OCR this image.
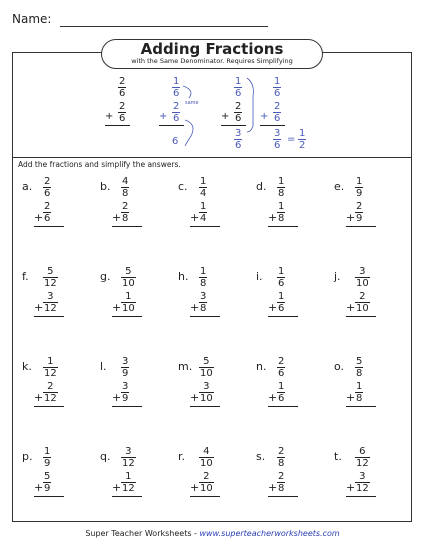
Name:
Adding Fractions
with the Same Denominator. Requires Simplifying
$\frac{2}{6}$
$\frac{2}{6}$
+
$\frac{1}{6}$
$\frac{2}{6}$
+
same
6
$\frac{1}{6}$
$\frac{2}{6}$
+
$\frac{3}{6}$
$\frac{1}{6}$
$\frac{2}{6}$
+
$\frac{3}{6} = \frac{1}{2}$
Add the fractions and simplify the answers.
a. $\frac{2}{6}$
$\frac{2}{6}$
+
b. $\frac{4}{8}$
$\frac{2}{8}$
+
c. $\frac{1}{4}$
$\frac{1}{4}$
+
d. $\frac{1}{8}$
$\frac{1}{8}$
+
e. $\frac{1}{9}$
$\frac{2}{9}$
+
f. $\frac{5}{12}$
$\frac{3}{12}$
+
g. $\frac{5}{10}$
$\frac{1}{10}$
+
h. $\frac{1}{8}$
$\frac{3}{8}$
+
i. $\frac{1}{6}$
$\frac{1}{6}$
+
j. $\frac{3}{10}$
$\frac{2}{10}$
+
k. $\frac{1}{12}$
$\frac{2}{12}$
+
l. $\frac{3}{9}$
$\frac{3}{9}$
+
m. $\frac{5}{10}$
$\frac{3}{10}$
+
n. $\frac{2}{6}$
$\frac{1}{6}$
+
o. $\frac{5}{8}$
$\frac{1}{8}$
+
p. $\frac{1}{9}$
$\frac{5}{9}$
+
q. $\frac{3}{12}$
$\frac{1}{12}$
+
r. $\frac{4}{10}$
$\frac{2}{10}$
+
s. $\frac{2}{8}$
$\frac{2}{8}$
+
t. $\frac{6}{12}$
$\frac{3}{12}$
+
Super Teacher Worksheets - www.superteacherworksheets.com
